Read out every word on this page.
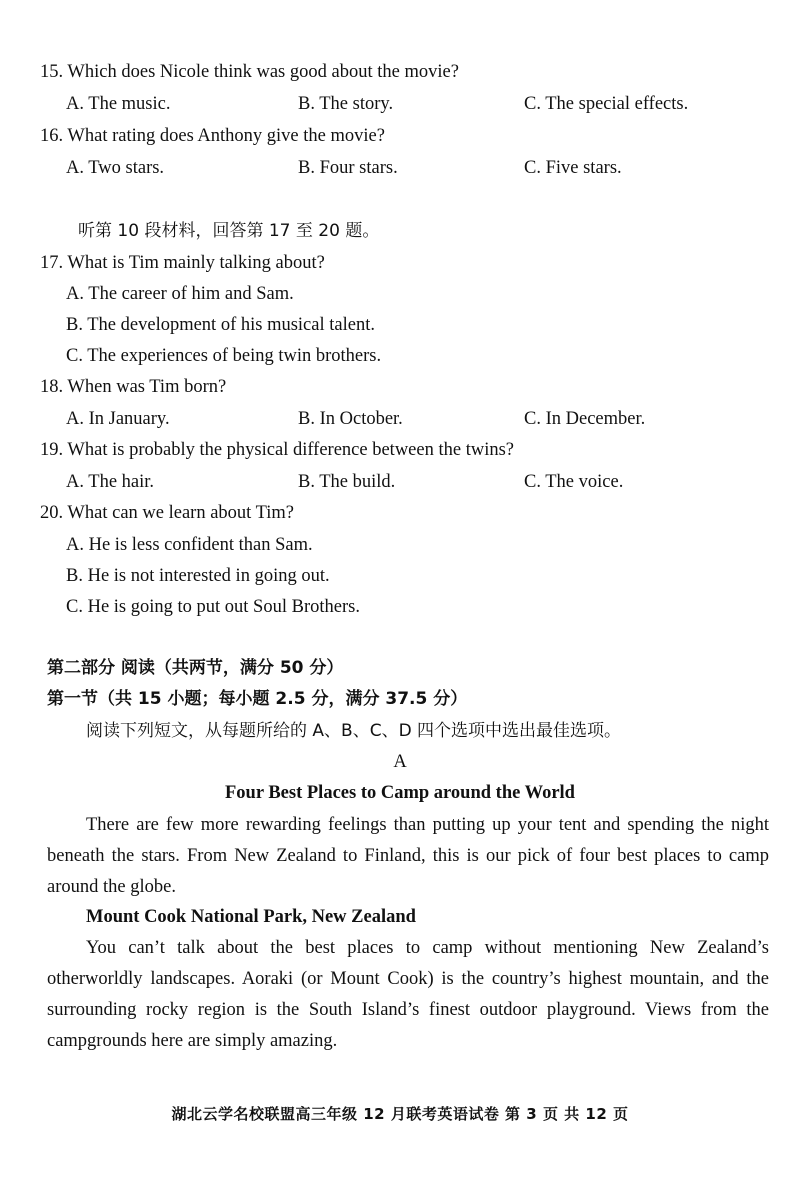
15. Which does Nicole think was good about the movie?
A. The music.	B. The story.	C. The special effects.
16. What rating does Anthony give the movie?
A. Two stars.	B. Four stars.	C. Five stars.
听第 10 段材料，回答第 17 至 20 题。
17. What is Tim mainly talking about?
A. The career of him and Sam.
B. The development of his musical talent.
C. The experiences of being twin brothers.
18. When was Tim born?
A. In January.	B. In October.	C. In December.
19. What is probably the physical difference between the twins?
A. The hair.	B. The build.	C. The voice.
20. What can we learn about Tim?
A. He is less confident than Sam.
B. He is not interested in going out.
C. He is going to put out Soul Brothers.
第二部分 阅读（共两节，满分 50 分）
第一节（共 15 小题；每小题 2.5 分，满分 37.5 分）
阅读下列短文，从每题所给的 A、B、C、D 四个选项中选出最佳选项。
A
Four Best Places to Camp around the World

There are few more rewarding feelings than putting up your tent and spending the night beneath the stars. From New Zealand to Finland, this is our pick of four best places to camp around the globe.

Mount Cook National Park, New Zealand

You can’t talk about the best places to camp without mentioning New Zealand’s otherworldly landscapes. Aoraki (or Mount Cook) is the country’s highest mountain, and the surrounding rocky region is the South Island’s finest outdoor playground. Views from the campgrounds here are simply amazing.

湖北云学名校联盟高三年级 12 月联考英语试卷 第 3 页 共 12 页
